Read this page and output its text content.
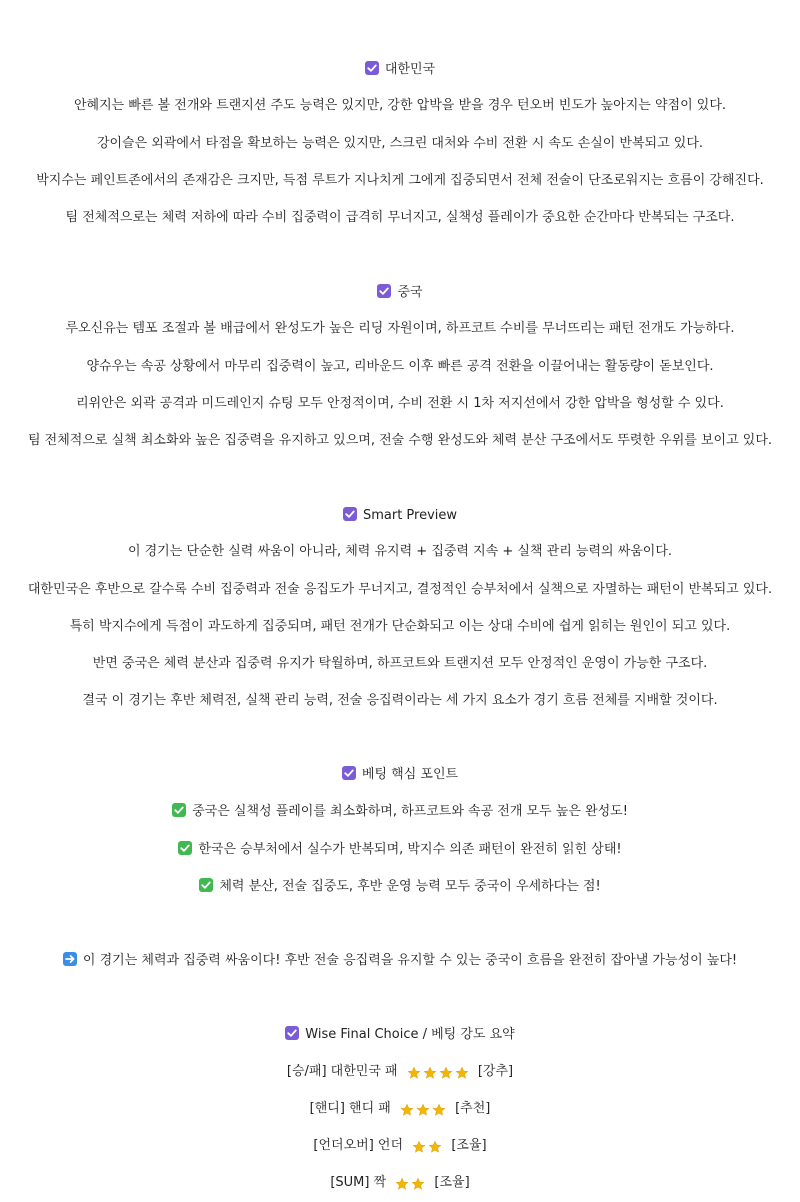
대한민국
안혜지는 빠른 볼 전개와 트랜지션 주도 능력은 있지만, 강한 압박을 받을 경우 턴오버 빈도가 높아지는 약점이 있다.
강이슬은 외곽에서 타점을 확보하는 능력은 있지만, 스크린 대처와 수비 전환 시 속도 손실이 반복되고 있다.
박지수는 페인트존에서의 존재감은 크지만, 득점 루트가 지나치게 그에게 집중되면서 전체 전술이 단조로워지는 흐름이 강해진다.
팀 전체적으로는 체력 저하에 따라 수비 집중력이 급격히 무너지고, 실책성 플레이가 중요한 순간마다 반복되는 구조다.
중국
루오신유는 템포 조절과 볼 배급에서 완성도가 높은 리딩 자원이며, 하프코트 수비를 무너뜨리는 패턴 전개도 가능하다.
양슈우는 속공 상황에서 마무리 집중력이 높고, 리바운드 이후 빠른 공격 전환을 이끌어내는 활동량이 돋보인다.
리위안은 외곽 공격과 미드레인지 슈팅 모두 안정적이며, 수비 전환 시 1차 저지선에서 강한 압박을 형성할 수 있다.
팀 전체적으로 실책 최소화와 높은 집중력을 유지하고 있으며, 전술 수행 완성도와 체력 분산 구조에서도 뚜렷한 우위를 보이고 있다.
Smart Preview
이 경기는 단순한 실력 싸움이 아니라, 체력 유지력 + 집중력 지속 + 실책 관리 능력의 싸움이다.
대한민국은 후반으로 갈수록 수비 집중력과 전술 응집도가 무너지고, 결정적인 승부처에서 실책으로 자멸하는 패턴이 반복되고 있다.
특히 박지수에게 득점이 과도하게 집중되며, 패턴 전개가 단순화되고 이는 상대 수비에 쉽게 읽히는 원인이 되고 있다.
반면 중국은 체력 분산과 집중력 유지가 탁월하며, 하프코트와 트랜지션 모두 안정적인 운영이 가능한 구조다.
결국 이 경기는 후반 체력전, 실책 관리 능력, 전술 응집력이라는 세 가지 요소가 경기 흐름 전체를 지배할 것이다.
베팅 핵심 포인트
중국은 실책성 플레이를 최소화하며, 하프코트와 속공 전개 모두 높은 완성도!
한국은 승부처에서 실수가 반복되며, 박지수 의존 패턴이 완전히 읽힌 상태!
체력 분산, 전술 집중도, 후반 운영 능력 모두 중국이 우세하다는 점!
이 경기는 체력과 집중력 싸움이다! 후반 전술 응집력을 유지할 수 있는 중국이 흐름을 완전히 잡아낼 가능성이 높다!
Wise Final Choice / 베팅 강도 요약
[승/패] 대한민국 패	[강추]
[핸디] 핸디 패	[추천]
[언더오버] 언더	[조율]
[SUM] 짝	[조율]
